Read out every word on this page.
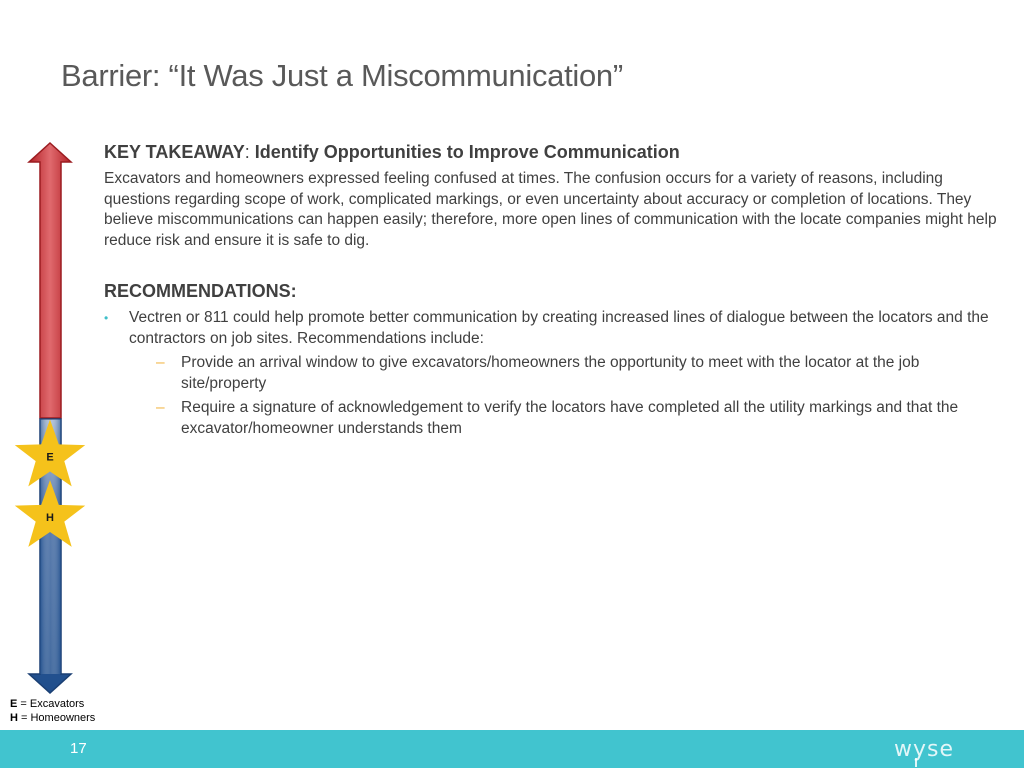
Barrier: “It Was Just a Miscommunication”
E
H
KEY TAKEAWAY: Identify Opportunities to Improve Communication

Excavators and homeowners expressed feeling confused at times. The confusion occurs for a variety of reasons, including questions regarding scope of work, complicated markings, or even uncertainty about accuracy or completion of locations. They believe miscommunications can happen easily; therefore, more open lines of communication with the locate companies might help reduce risk and ensure it is safe to dig.

RECOMMENDATIONS:
• Vectren or 811 could help promote better communication by creating increased lines of dialogue between the locators and the contractors on job sites. Recommendations include:
– Provide an arrival window to give excavators/homeowners the opportunity to meet with the locator at the job site/property
– Require a signature of acknowledgement to verify the locators have completed all the utility markings and that the excavator/homeowner understands them
E = Excavators
H = Homeowners
17	wyse
